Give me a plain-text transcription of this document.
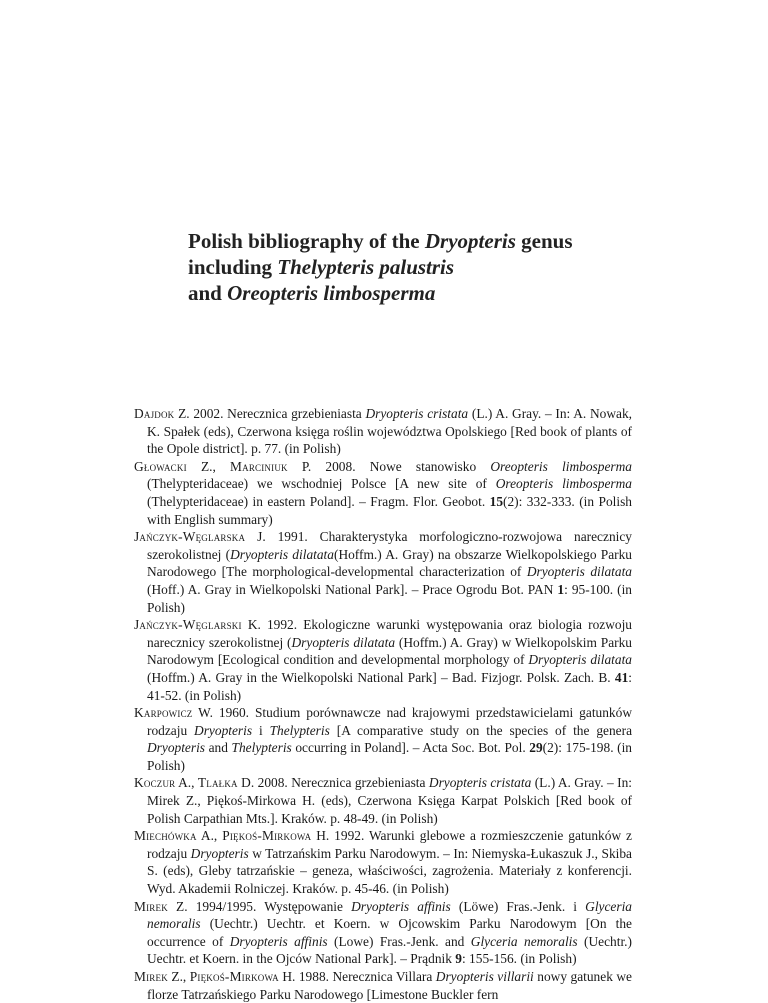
Polish bibliography of the Dryopteris genus
including Thelypteris palustris
and Oreopteris limbosperma

Dajdok Z. 2002. Nerecznica grzebieniasta Dryopteris cristata (L.) A. Gray. – In: A. Nowak, K. Spałek (eds), Czerwona księga roślin województwa Opolskiego [Red book of plants of the Opole district]. p. 77. (in Polish)

Głowacki Z., Marciniuk P. 2008. Nowe stanowisko Oreopteris limbosperma (Thelypteridaceae) we wschodniej Polsce [A new site of Oreopteris limbosperma (Thelypteridaceae) in eastern Poland]. – Fragm. Flor. Geobot. 15(2): 332-333. (in Polish with English summary)

Jańczyk-Węglarska J. 1991. Charakterystyka morfologiczno-rozwojowa narecznicy szerokolistnej (Dryopteris dilatata(Hoffm.) A. Gray) na obszarze Wielkopolskiego Parku Narodowego [The morphological-developmental characterization of Dryopteris dilatata (Hoff.) A. Gray in Wielkopolski National Park]. – Prace Ogrodu Bot. PAN 1: 95-100. (in Polish)

Jańczyk-Węglarski K. 1992. Ekologiczne warunki występowania oraz biologia rozwoju narecznicy szerokolistnej (Dryopteris dilatata (Hoffm.) A. Gray) w Wielkopolskim Parku Narodowym [Ecological condition and developmental morphology of Dryopteris dilatata (Hoffm.) A. Gray in the Wielkopolski National Park] – Bad. Fizjogr. Polsk. Zach. B. 41: 41-52. (in Polish)

Karpowicz W. 1960. Studium porównawcze nad krajowymi przedstawicielami gatunków rodzaju Dryopteris i Thelypteris [A comparative study on the species of the genera Dryopteris and Thelypteris occurring in Poland]. – Acta Soc. Bot. Pol. 29(2): 175-198. (in Polish)

Koczur A., Tlałka D. 2008. Nerecznica grzebieniasta Dryopteris cristata (L.) A. Gray. – In: Mirek Z., Piękoś-Mirkowa H. (eds), Czerwona Księga Karpat Polskich [Red book of Polish Carpathian Mts.]. Kraków. p. 48-49. (in Polish)

Miechówka A., Piękoś-Mirkowa H. 1992. Warunki glebowe a rozmieszczenie gatunków z rodzaju Dryopteris w Tatrzańskim Parku Narodowym. – In: Niemyska-Łukaszuk J., Skiba S. (eds), Gleby tatrzańskie – geneza, właściwości, zagrożenia. Materiały z konferencji. Wyd. Akademii Rolniczej. Kraków. p. 45-46. (in Polish)

Mirek Z. 1994/1995. Występowanie Dryopteris affinis (Löwe) Fras.-Jenk. i Glyceria nemoralis (Uechtr.) Uechtr. et Koern. w Ojcowskim Parku Narodowym [On the occurrence of Dryopteris affinis (Lowe) Fras.-Jenk. and Glyceria nemoralis (Uechtr.) Uechtr. et Koern. in the Ojców National Park]. – Prądnik 9: 155-156. (in Polish)

Mirek Z., Piękoś-Mirkowa H. 1988. Nerecznica Villara Dryopteris villarii nowy gatunek we florze Tatrzańskiego Parku Narodowego [Limestone Buckler fern
